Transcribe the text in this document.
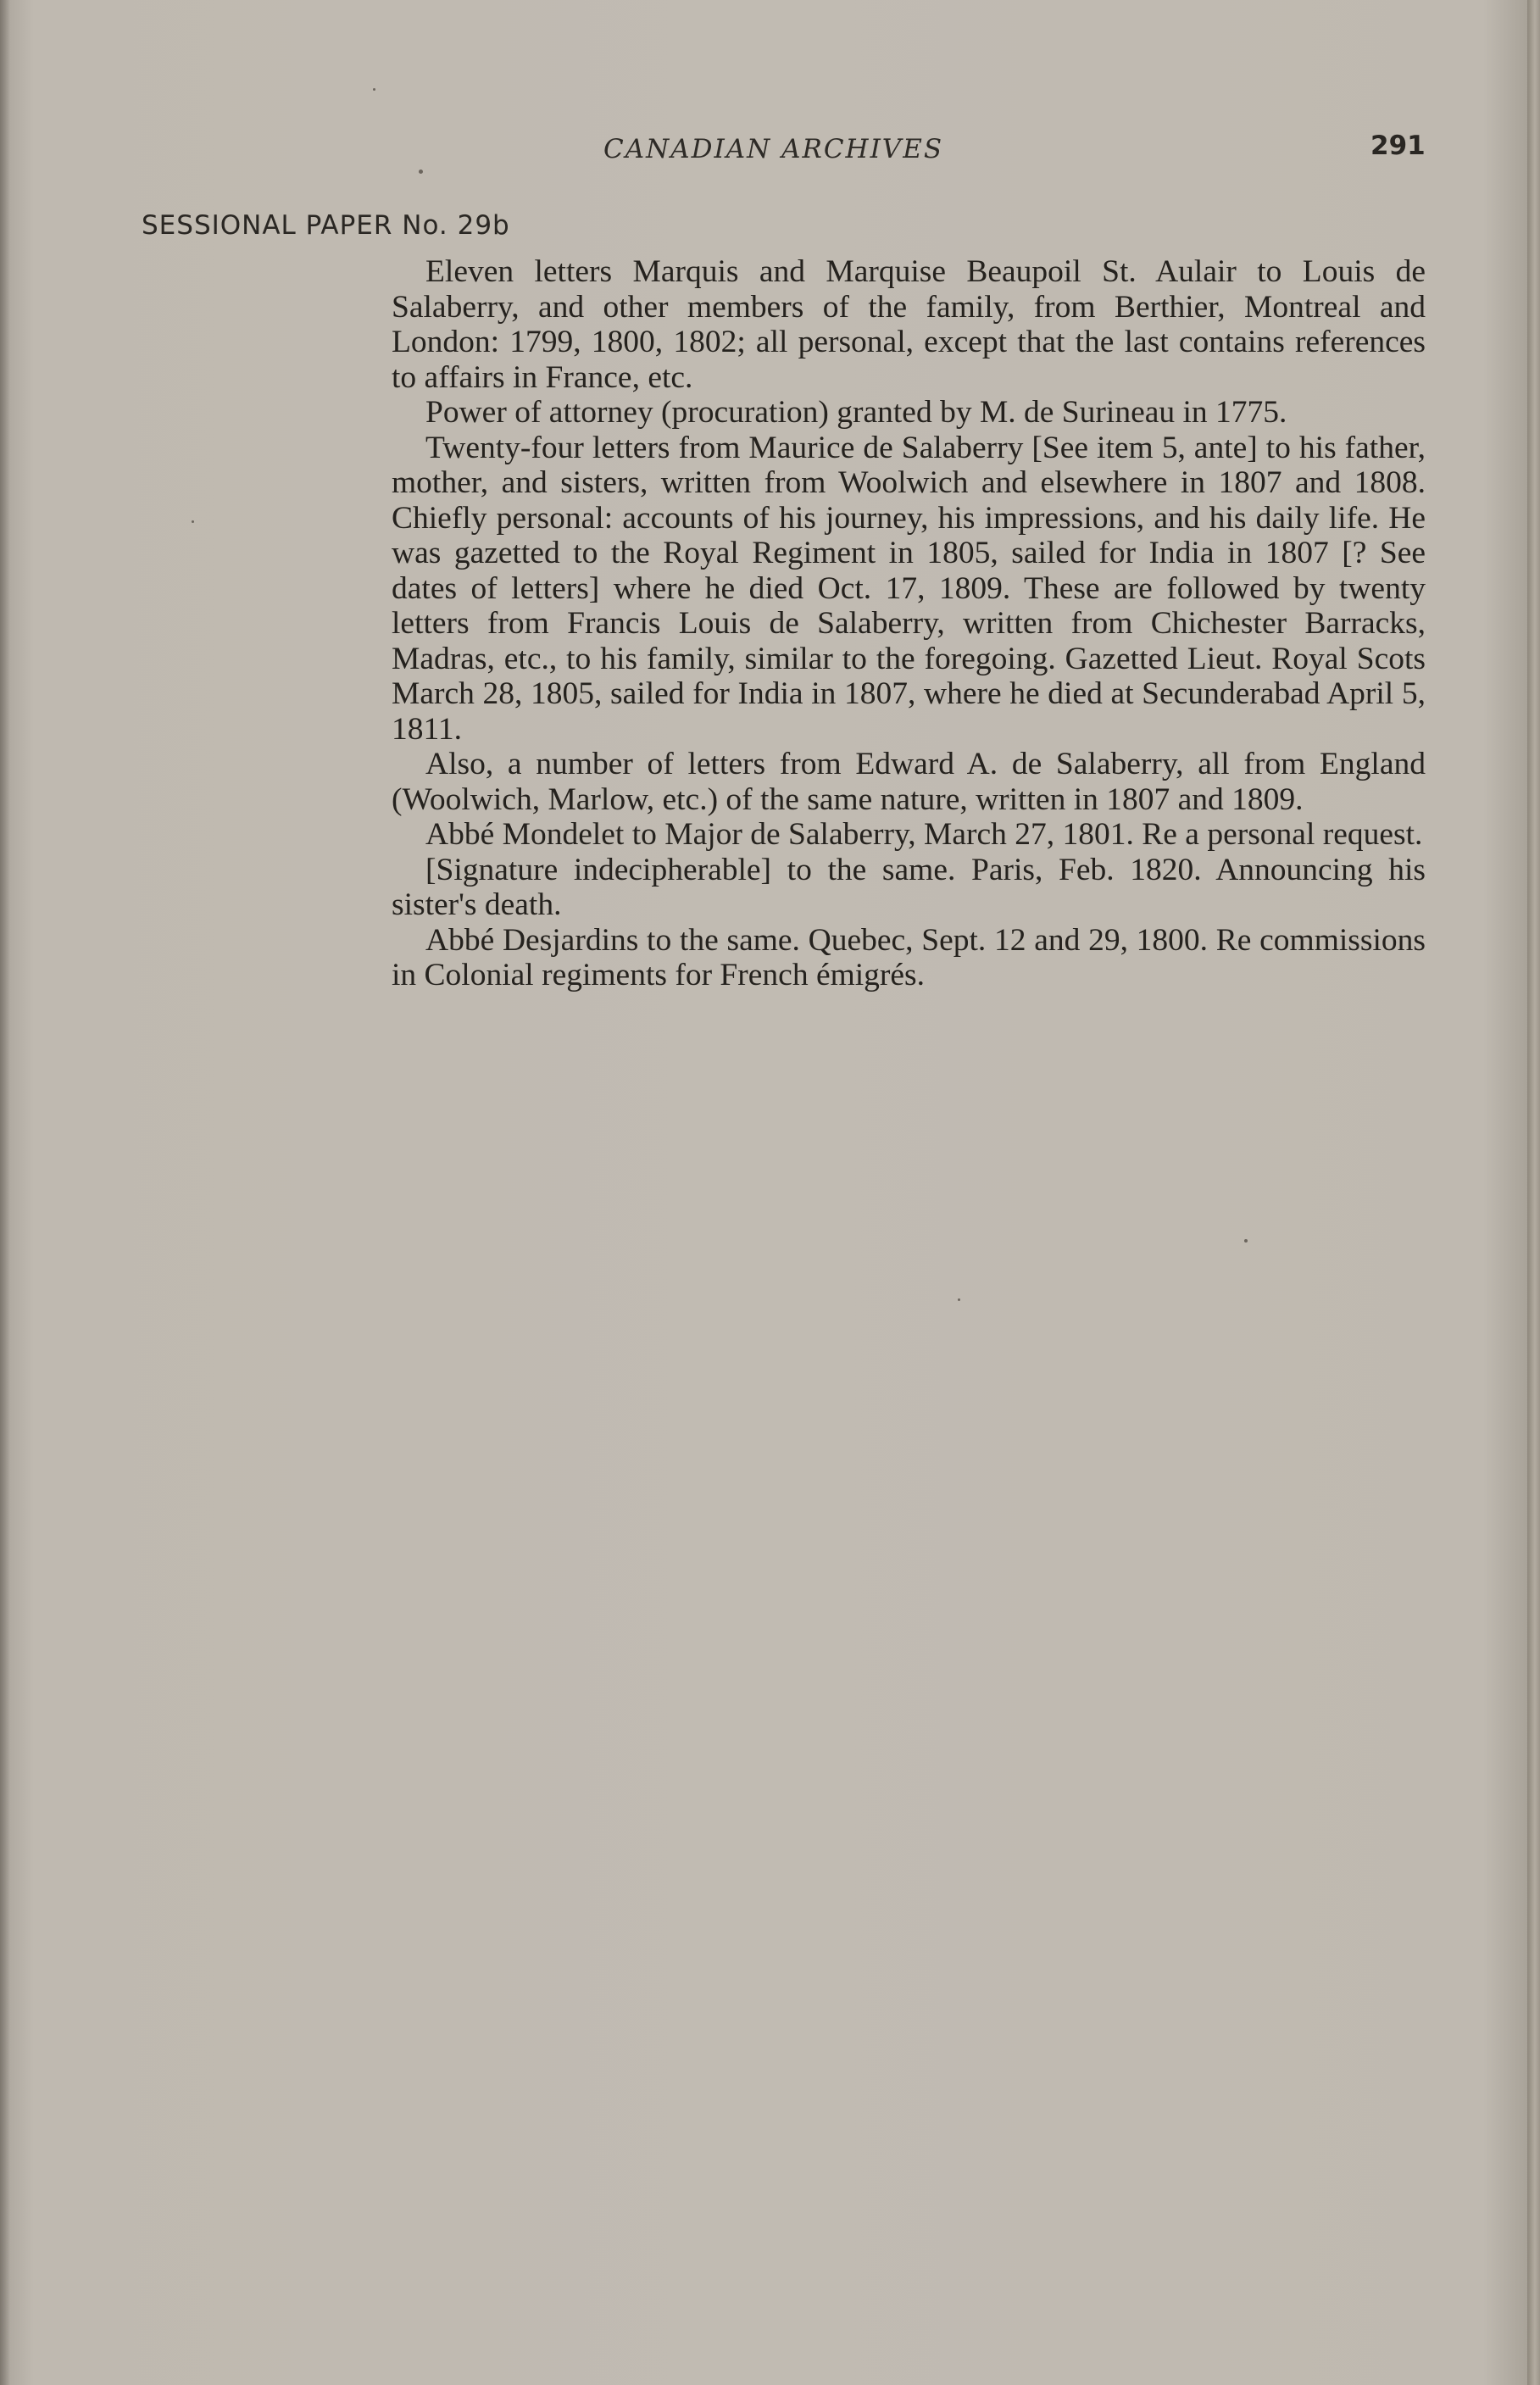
CANADIAN ARCHIVES	291
SESSIONAL PAPER No. 29b

Eleven letters Marquis and Marquise Beaupoil St. Aulair to Louis de Salaberry, and other members of the family, from Berthier, Montreal and London: 1799, 1800, 1802; all personal, except that the last contains references to affairs in France, etc.

Power of attorney (procuration) granted by M. de Surineau in 1775.

Twenty-four letters from Maurice de Salaberry [See item 5, ante] to his father, mother, and sisters, written from Woolwich and elsewhere in 1807 and 1808. Chiefly personal: accounts of his journey, his impressions, and his daily life. He was gazetted to the Royal Regiment in 1805, sailed for India in 1807 [? See dates of letters] where he died Oct. 17, 1809. These are followed by twenty letters from Francis Louis de Salaberry, written from Chichester Barracks, Madras, etc., to his family, similar to the foregoing. Gazetted Lieut. Royal Scots March 28, 1805, sailed for India in 1807, where he died at Secunderabad April 5, 1811.

Also, a number of letters from Edward A. de Salaberry, all from England (Woolwich, Marlow, etc.) of the same nature, written in 1807 and 1809.

Abbé Mondelet to Major de Salaberry, March 27, 1801. Re a personal request.

[Signature indecipherable] to the same. Paris, Feb. 1820. Announcing his sister's death.

Abbé Desjardins to the same. Quebec, Sept. 12 and 29, 1800. Re commissions in Colonial regiments for French émigrés.
